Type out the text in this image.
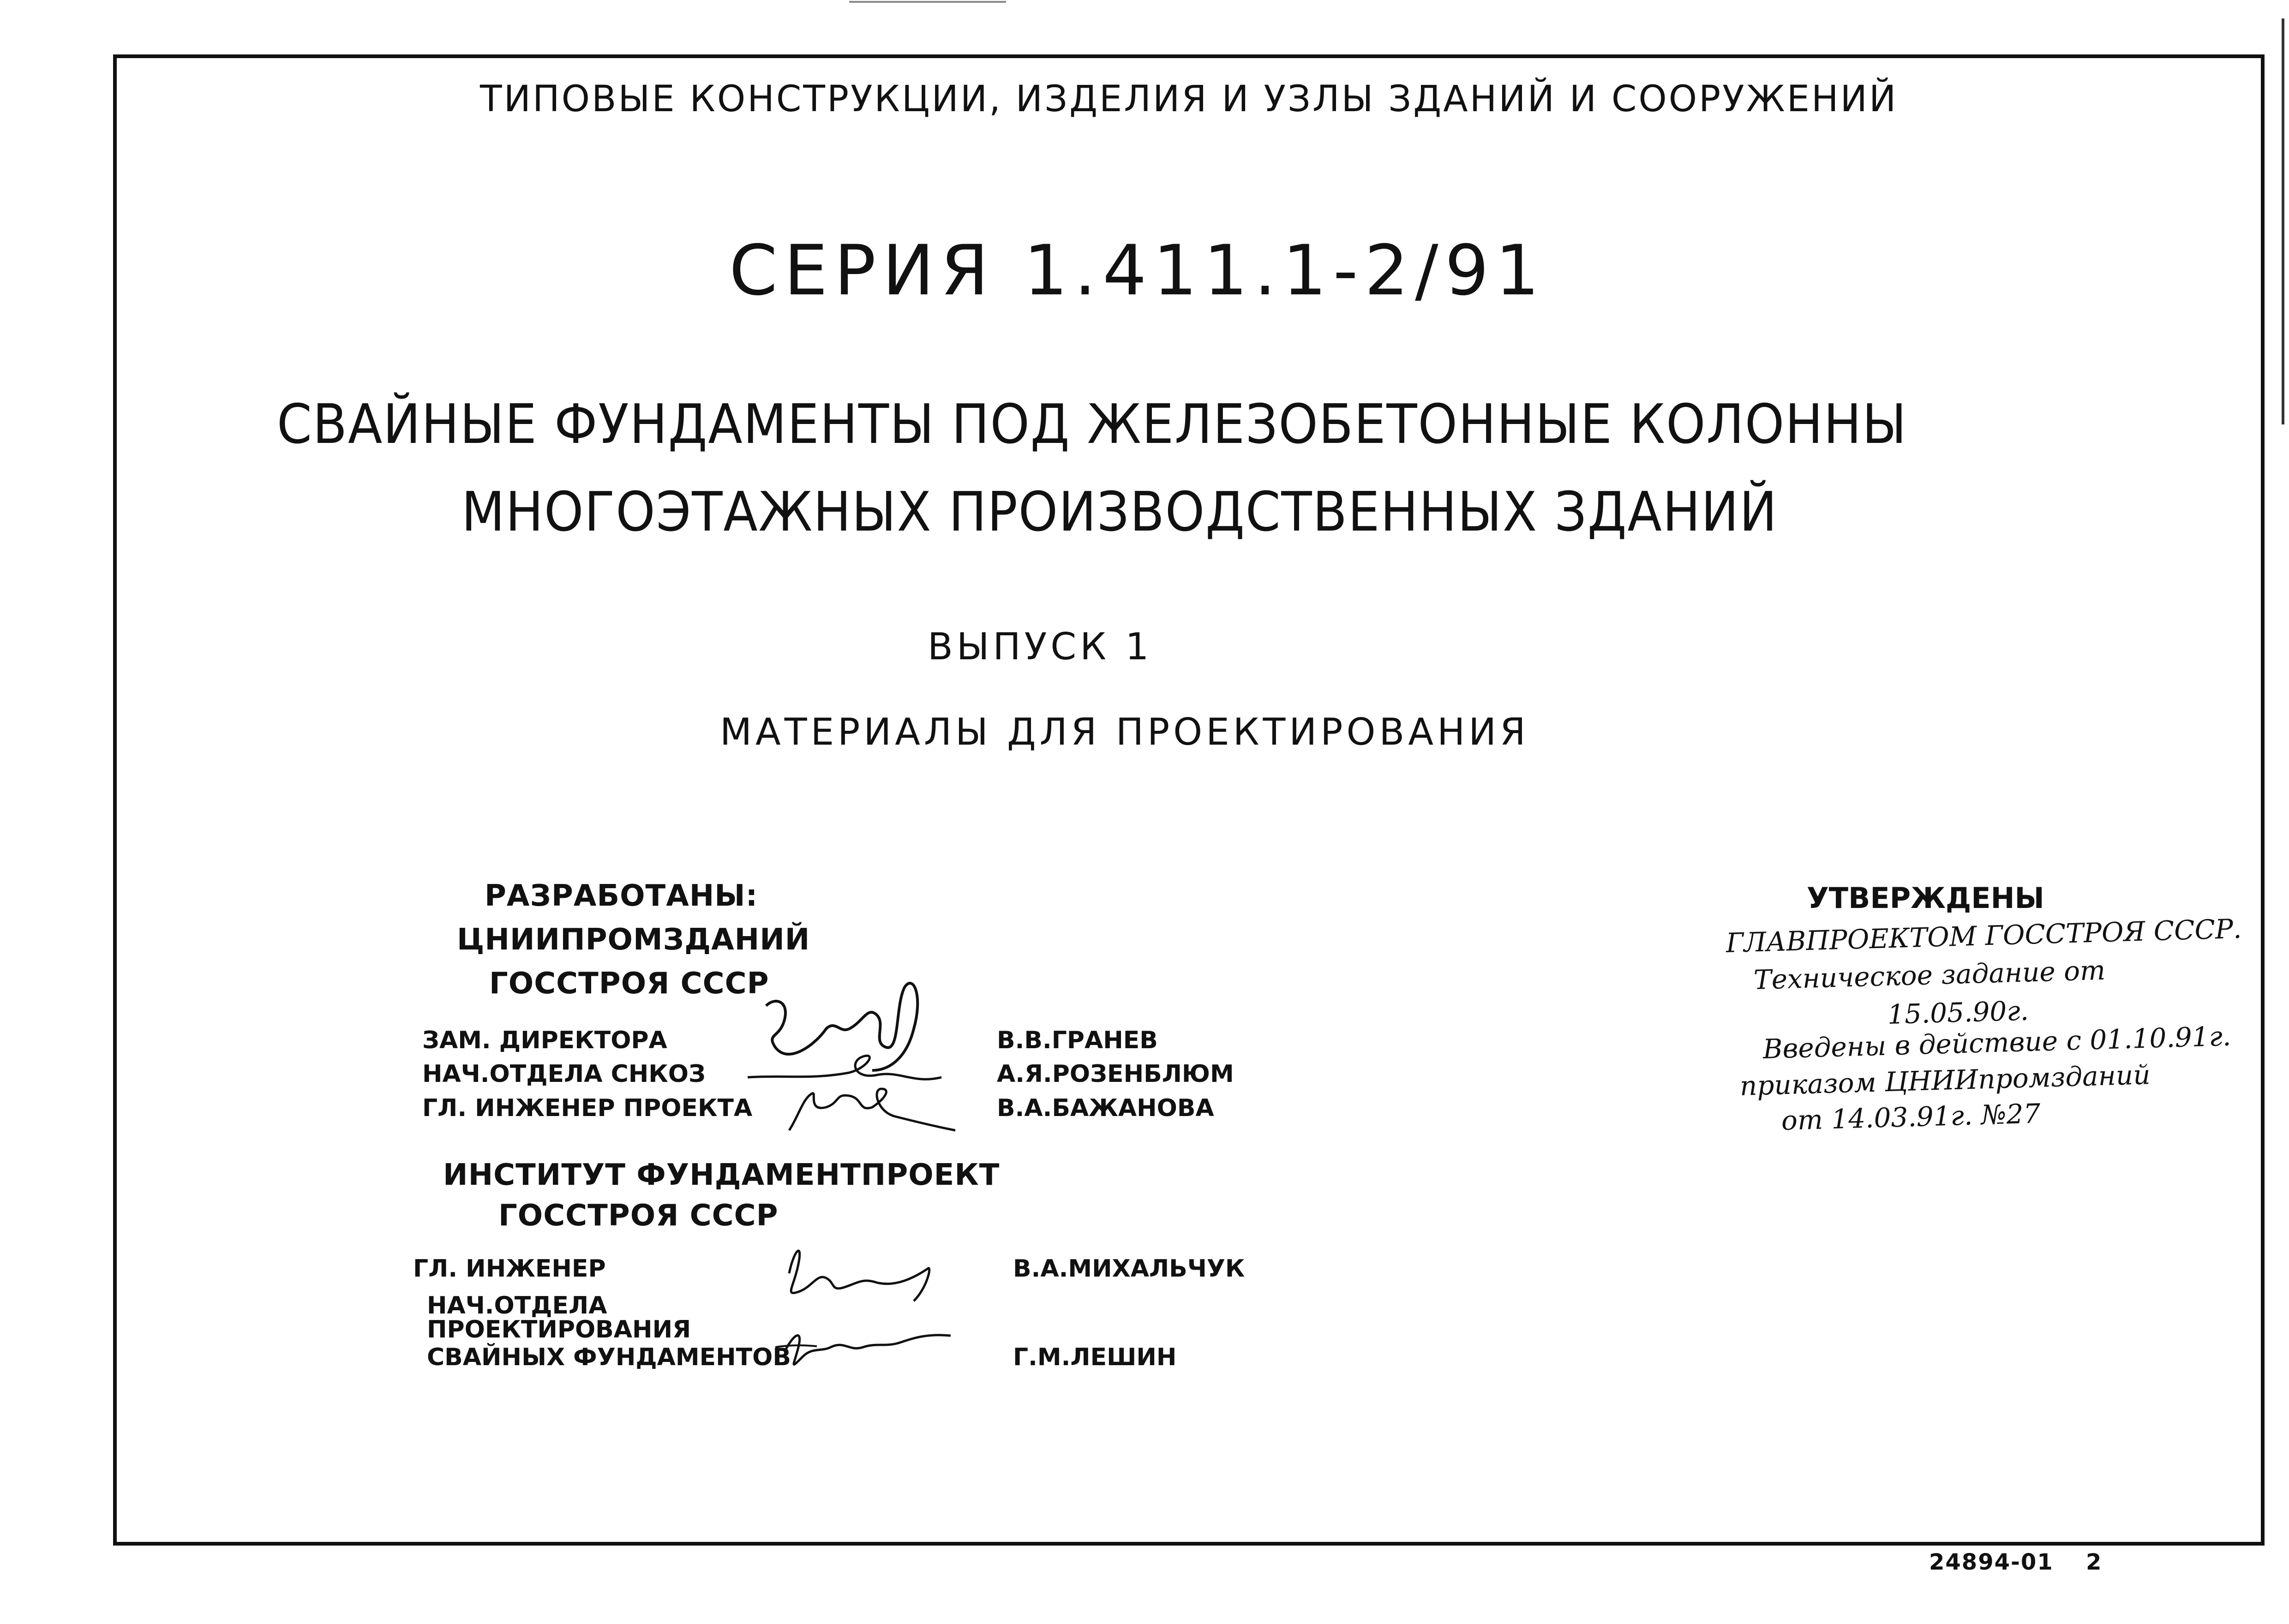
ТИПОВЫЕ КОНСТРУКЦИИ, ИЗДЕЛИЯ И УЗЛЫ ЗДАНИЙ И СООРУЖЕНИЙ
СЕРИЯ 1.411.1-2/91
СВАЙНЫЕ ФУНДАМЕНТЫ ПОД ЖЕЛЕЗОБЕТОННЫЕ КОЛОННЫ
МНОГОЭТАЖНЫХ ПРОИЗВОДСТВЕННЫХ ЗДАНИЙ
ВЫПУСК 1
МАТЕРИАЛЫ ДЛЯ ПРОЕКТИРОВАНИЯ
РАЗРАБОТАНЫ:
ЦНИИПРОМЗДАНИЙ
ГОССТРОЯ СССР
ЗАМ. ДИРЕКТОРА
НАЧ.ОТДЕЛА СНКОЗ
ГЛ. ИНЖЕНЕР ПРОЕКТА
В.В.ГРАНЕВ
А.Я.РОЗЕНБЛЮМ
В.А.БАЖАНОВА
ИНСТИТУТ ФУНДАМЕНТПРОЕКТ
ГОССТРОЯ СССР
ГЛ. ИНЖЕНЕР	В.А.МИХАЛЬЧУК
НАЧ.ОТДЕЛА
ПРОЕКТИРОВАНИЯ
СВАЙНЫХ ФУНДАМЕНТОВ	Г.М.ЛЕШИН
УТВЕРЖДЕНЫ
ГЛАВПРОЕКТОМ ГОССТРОЯ СССР.
Техническое задание от
15.05.90г.
Введены в действие с 01.10.91г.
приказом ЦНИИпромзданий
от 14.03.91г. №27
24894-01 2
